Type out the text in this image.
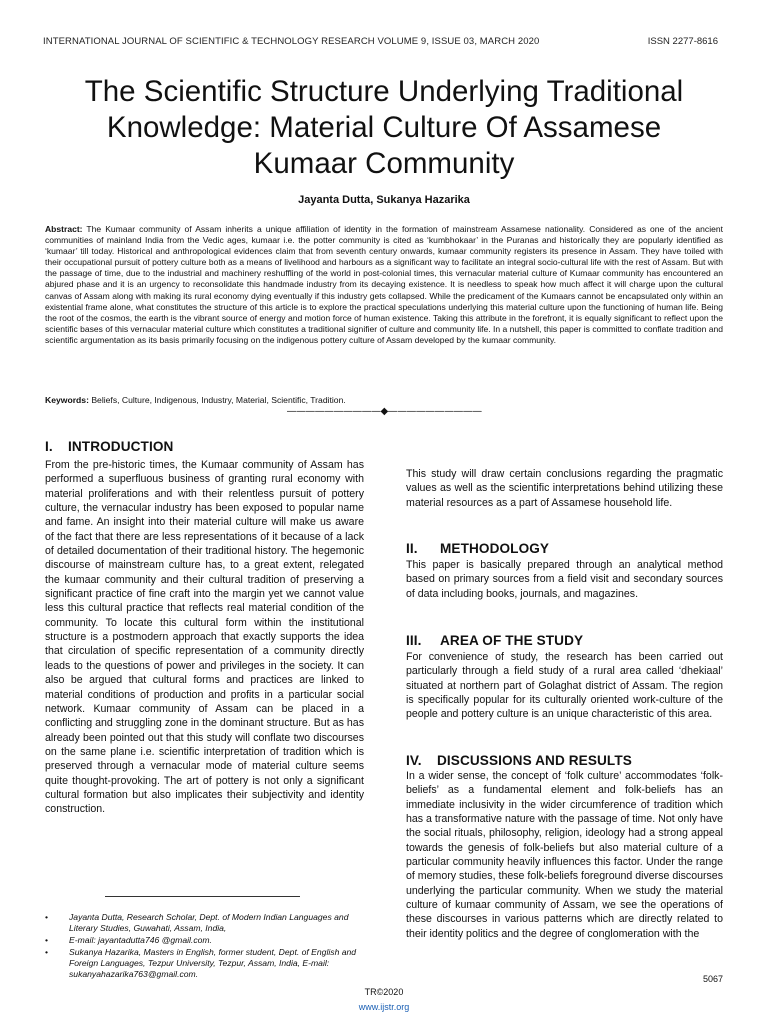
INTERNATIONAL JOURNAL OF SCIENTIFIC & TECHNOLOGY RESEARCH VOLUME 9, ISSUE 03, MARCH 2020	ISSN 2277-8616
The Scientific Structure Underlying Traditional
Knowledge: Material Culture Of Assamese
Kumaar Community
Jayanta Dutta, Sukanya Hazarika
Abstract: The Kumaar community of Assam inherits a unique affiliation of identity in the formation of mainstream Assamese nationality. Considered as one of the ancient communities of mainland India from the Vedic ages, kumaar i.e. the potter community is cited as ‘kumbhokaar’ in the Puranas and historically they are popularly identified as ‘kumaar’ till today. Historical and anthropological evidences claim that from seventh century onwards, kumaar community registers its presence in Assam. They have toiled with their occupational pursuit of pottery culture both as a means of livelihood and harbours as a significant way to facilitate an integral socio-cultural life with the rest of Assam. But with the passage of time, due to the industrial and machinery reshuffling of the world in post-colonial times, this vernacular material culture of Kumaar community has encountered an abjured phase and it is an urgency to reconsolidate this handmade industry from its decaying existence. It is needless to speak how much affect it will charge upon the cultural canvas of Assam along with making its rural economy dying eventually if this industry gets collapsed. While the predicament of the Kumaars cannot be encapsulated only within an existential frame alone, what constitutes the structure of this article is to explore the practical speculations underlying this material culture upon the functioning of human life. Being the root of the cosmos, the earth is the vibrant source of energy and motion force of human existence. Taking this attribute in the forefront, it is equally significant to reflect upon the scientific bases of this vernacular material culture which constitutes a traditional signifier of culture and community life. In a nutshell, this paper is committed to conflate tradition and scientific argumentation as its basis primarily focusing on the indigenous pottery culture of Assam developed by the kumaar community.
Keywords: Beliefs, Culture, Indigenous, Industry, Material, Scientific, Tradition.
——————————◆——————————
I. INTRODUCTION
From the pre-historic times, the Kumaar community of Assam has performed a superfluous business of granting rural economy with material proliferations and with their relentless pursuit of pottery culture, the vernacular industry has been exposed to popular name and fame. An insight into their material culture will make us aware of the fact that there are less representations of it because of a lack of detailed documentation of their traditional history. The hegemonic discourse of mainstream culture has, to a great extent, relegated the kumaar community and their cultural tradition of preserving a significant practice of fine craft into the margin yet we cannot value less this cultural practice that reflects real material condition of the community. To locate this cultural form within the institutional structure is a postmodern approach that exactly supports the idea that circulation of specific representation of a community directly leads to the questions of power and privileges in the society. It can also be argued that cultural forms and practices are linked to material conditions of production and profits in a particular social network. Kumaar community of Assam can be placed in a conflicting and struggling zone in the dominant structure. But as has already been pointed out that this study will conflate two discourses on the same plane i.e. scientific interpretation of tradition which is preserved through a vernacular mode of material culture seems quite thought-provoking. The art of pottery is not only a significant cultural formation but also implicates their subjectivity and identity construction.
This study will draw certain conclusions regarding the pragmatic values as well as the scientific interpretations behind utilizing these material resources as a part of Assamese household life.
II. METHODOLOGY
This paper is basically prepared through an analytical method based on primary sources from a field visit and secondary sources of data including books, journals, and magazines.
III. AREA OF THE STUDY
For convenience of study, the research has been carried out particularly through a field study of a rural area called ‘dhekiaal’ situated at northern part of Golaghat district of Assam. The region is specifically popular for its culturally oriented work-culture of the people and pottery culture is an unique characteristic of this area.
IV. DISCUSSIONS AND RESULTS
In a wider sense, the concept of ‘folk culture’ accommodates ‘folk-beliefs’ as a fundamental element and folk-beliefs has an immediate inclusivity in the wider circumference of tradition which has a transformative nature with the passage of time. Not only have the social rituals, philosophy, religion, ideology had a strong appeal towards the genesis of folk-beliefs but also material culture of a particular community heavily influences this factor. Under the range of memory studies, these folk-beliefs foreground diverse discourses underlying the particular community. When we study the material culture of kumaar community of Assam, we see the operations of these discourses in various patterns which are directly related to their identity politics and the degree of conglomeration with the
• Jayanta Dutta, Research Scholar, Dept. of Modern Indian Languages and Literary Studies, Guwahati, Assam, India,
• E-mail: jayantadutta746 @gmail.com.
• Sukanya Hazarika, Masters in English, former student, Dept. of English and Foreign Languages, Tezpur University, Tezpur, Assam, India, E-mail: sukanyahazarika763@gmail.com.	5067
TR©2020
www.ijstr.org
